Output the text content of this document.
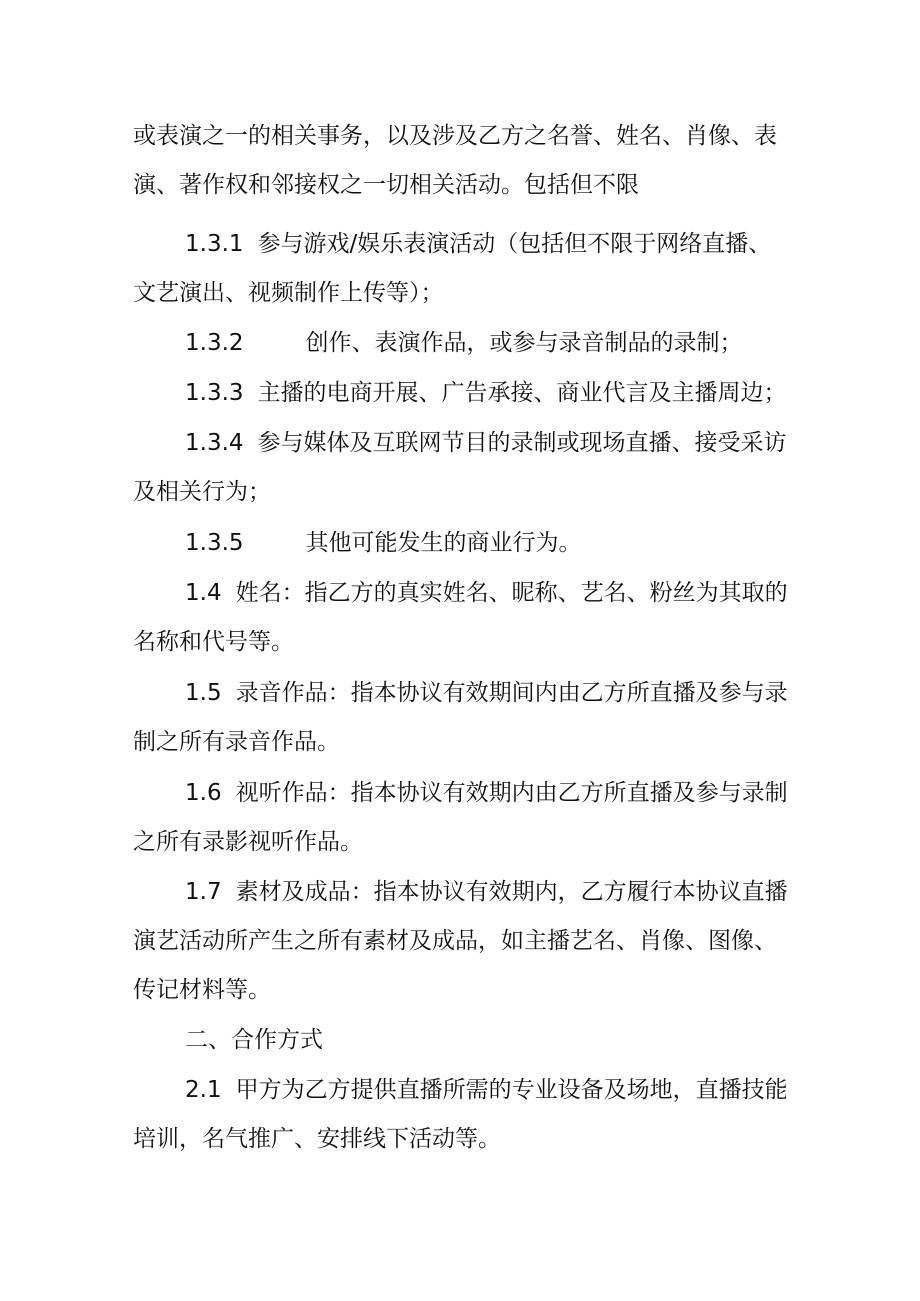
或表演之一的相关事务，以及涉及乙方之名誉、姓名、肖像、表演、著作权和邻接权之一切相关活动。包括但不限

1.3.1 参与游戏/娱乐表演活动（包括但不限于网络直播、文艺演出、视频制作上传等）；

1.3.2	创作、表演作品，或参与录音制品的录制；

1.3.3 主播的电商开展、广告承接、商业代言及主播周边；

1.3.4 参与媒体及互联网节目的录制或现场直播、接受采访及相关行为；

1.3.5	其他可能发生的商业行为。

1.4 姓名：指乙方的真实姓名、昵称、艺名、粉丝为其取的名称和代号等。

1.5 录音作品：指本协议有效期间内由乙方所直播及参与录制之所有录音作品。

1.6 视听作品：指本协议有效期内由乙方所直播及参与录制之所有录影视听作品。

1.7 素材及成品：指本协议有效期内，乙方履行本协议直播演艺活动所产生之所有素材及成品，如主播艺名、肖像、图像、传记材料等。

二、合作方式

2.1 甲方为乙方提供直播所需的专业设备及场地，直播技能培训，名气推广、安排线下活动等。
